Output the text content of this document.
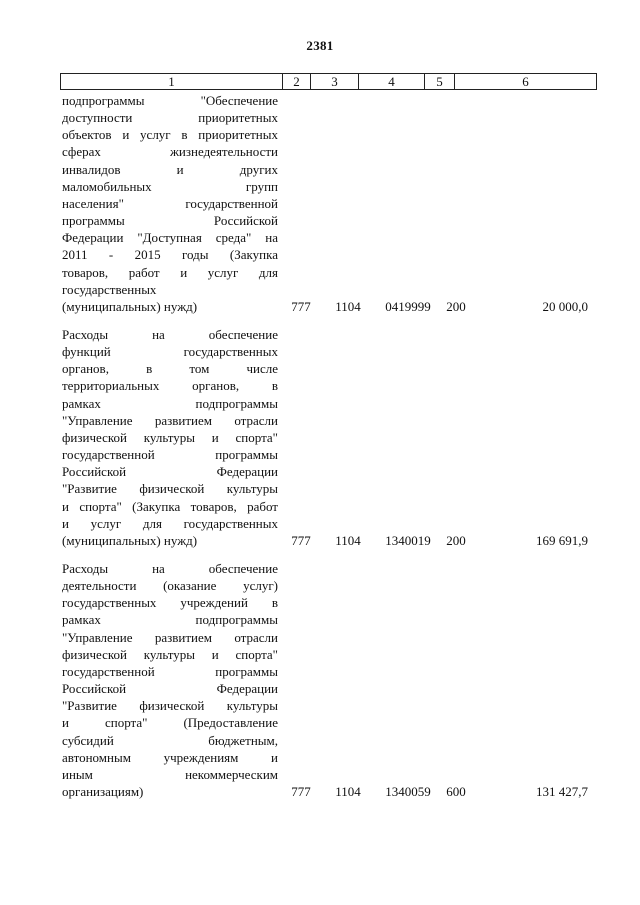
2381
1	2	3	4	5	6

подпрограммы "Обеспечение

доступности приоритетных

объектов и услуг в приоритетных

сферах жизнедеятельности

инвалидов и других

маломобильных групп

населения" государственной

программы Российской

Федерации "Доступная среда" на

2011 - 2015 годы (Закупка

товаров, работ и услуг для

государственных

(муниципальных) нужд)	777	1104	0419999	200	20 000,0

Расходы на обеспечение

функций государственных

органов, в том числе

территориальных органов, в

рамках подпрограммы

"Управление развитием отрасли

физической культуры и спорта"

государственной программы

Российской Федерации

"Развитие физической культуры

и спорта" (Закупка товаров, работ

и услуг для государственных

(муниципальных) нужд)	777	1104	1340019	200	169 691,9

Расходы на обеспечение

деятельности (оказание услуг)

государственных учреждений в

рамках подпрограммы

"Управление развитием отрасли

физической культуры и спорта"

государственной программы

Российской Федерации

"Развитие физической культуры

и спорта" (Предоставление

субсидий бюджетным,

автономным учреждениям и

иным некоммерческим

организациям)	777	1104	1340059	600	131 427,7
